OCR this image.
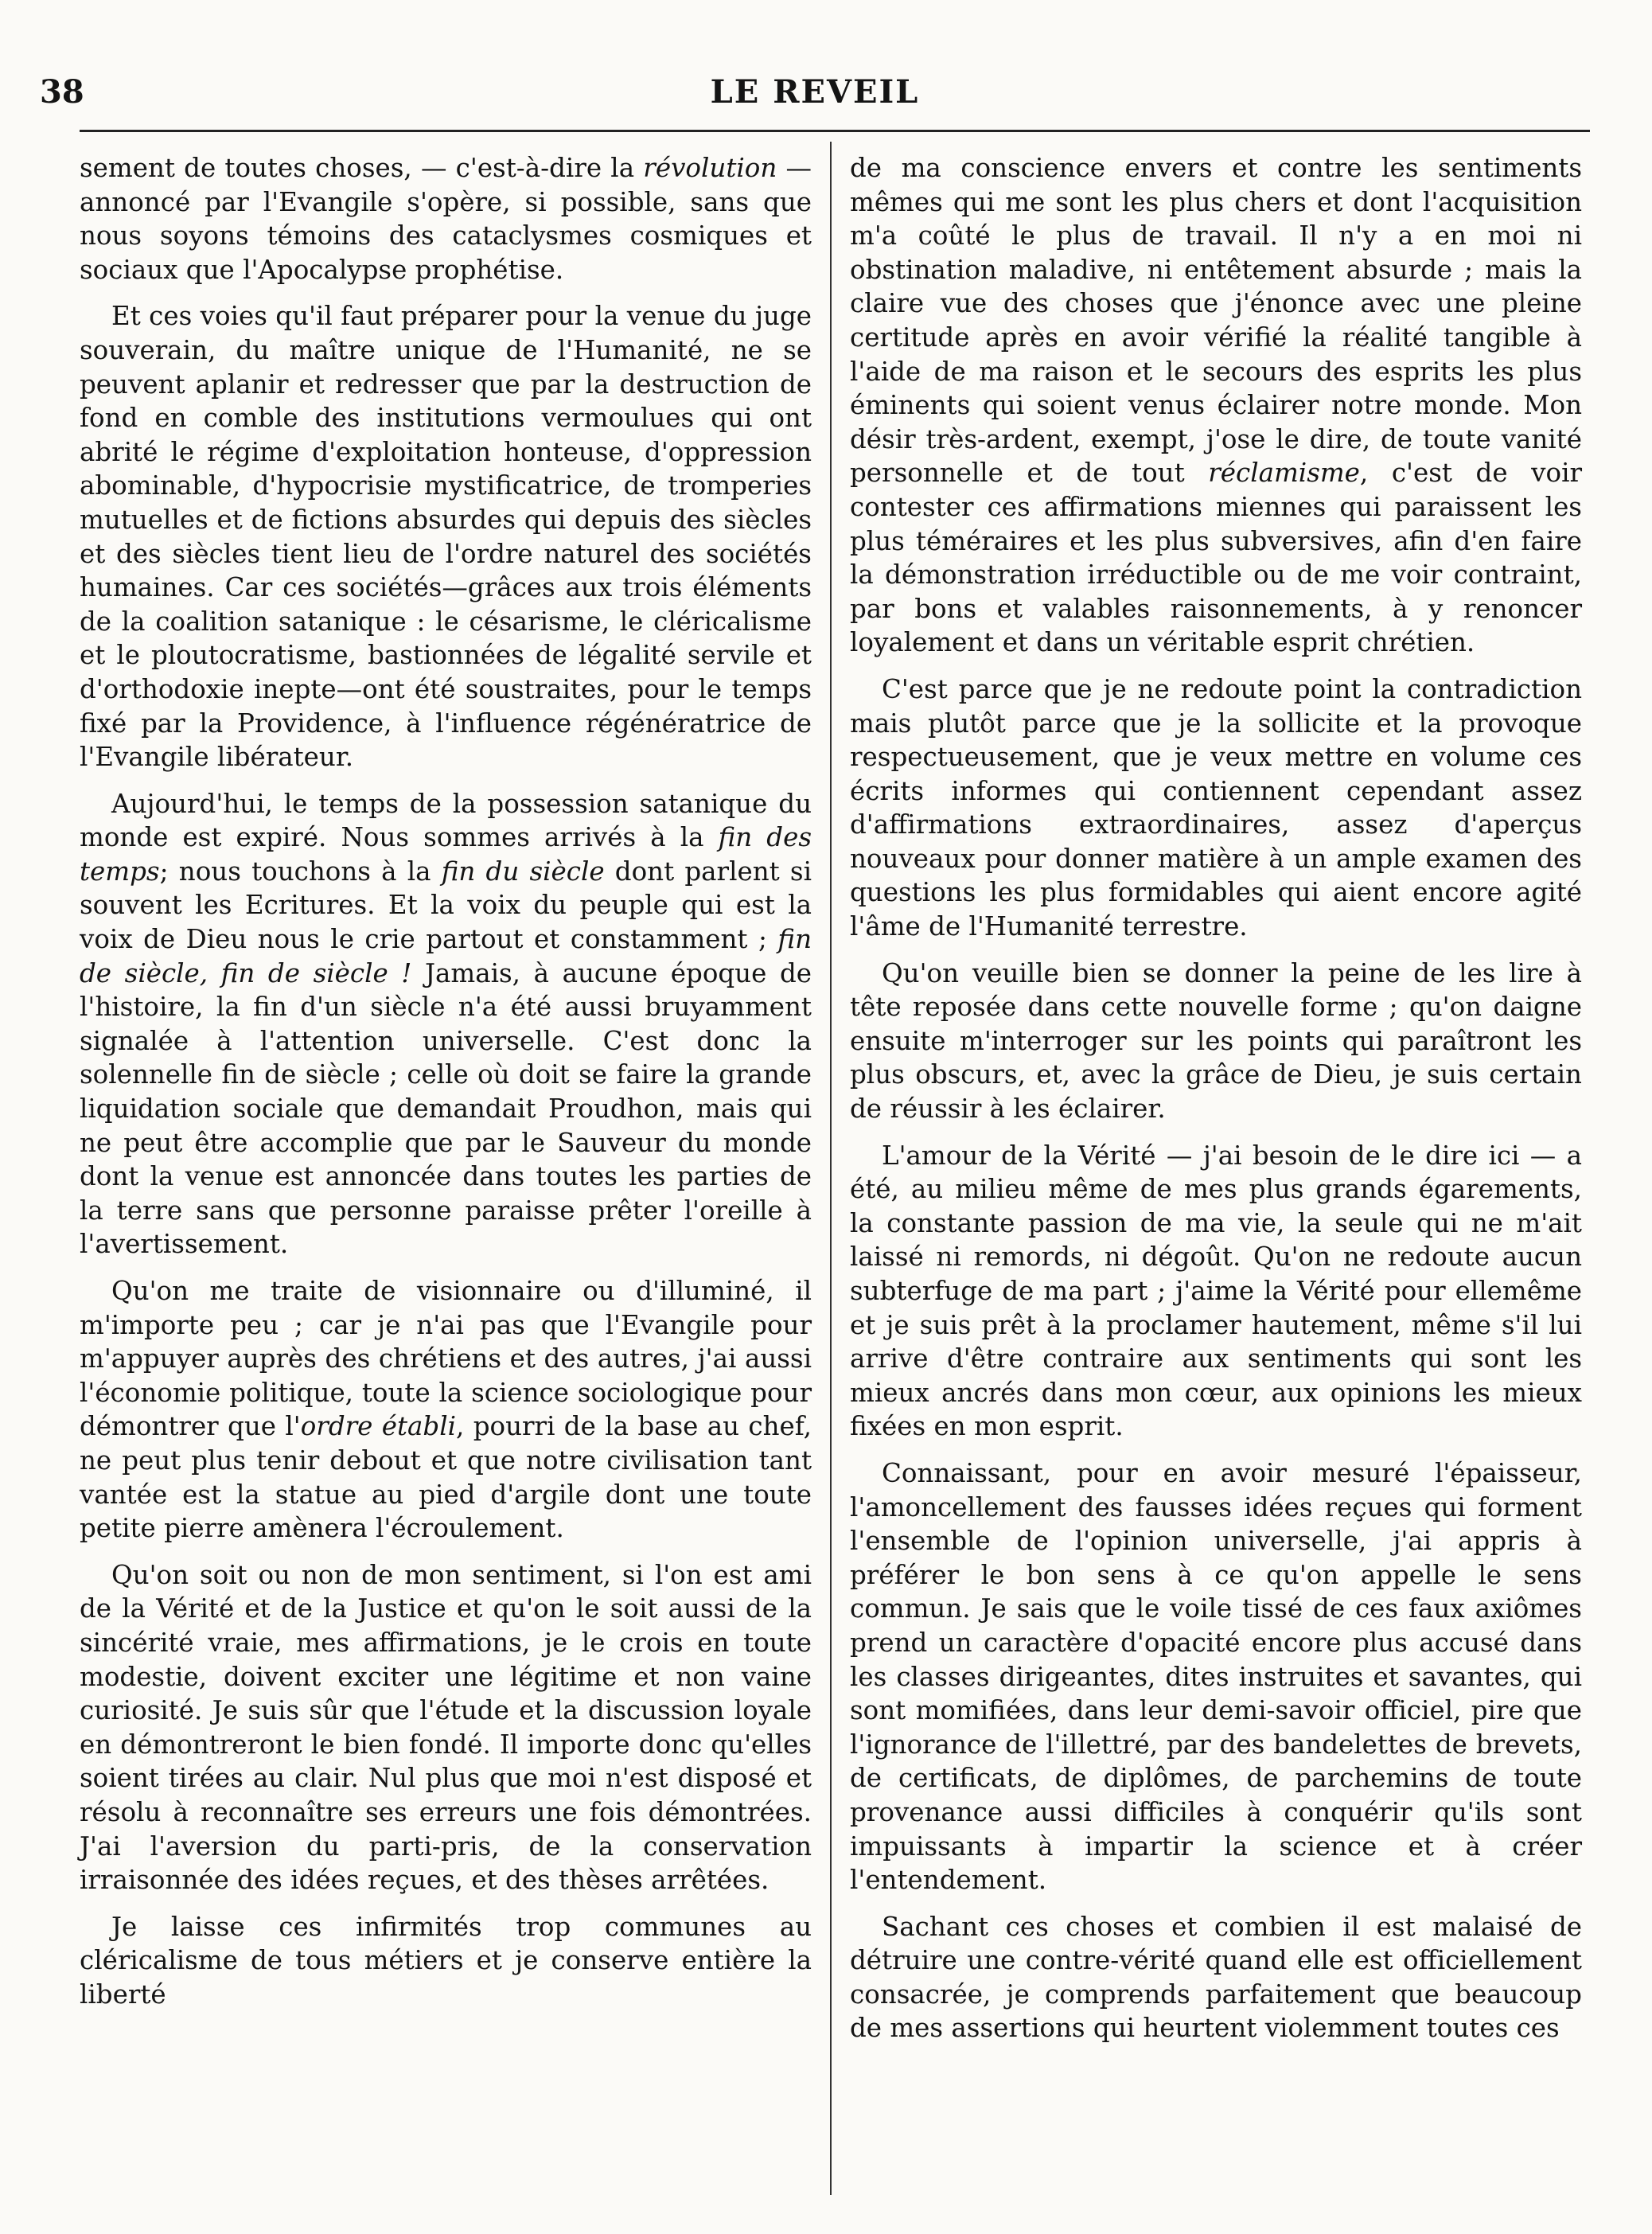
38	LE REVEIL

sement de toutes choses, — c'est-à-dire la révolution — annoncé par l'Evangile s'opère, si possible, sans que nous soyons témoins des cataclysmes cosmiques et sociaux que l'Apocalypse prophétise.

Et ces voies qu'il faut préparer pour la venue du juge souverain, du maître unique de l'Humanité, ne se peuvent aplanir et redresser que par la destruction de fond en comble des institutions vermoulues qui ont abrité le régime d'exploitation honteuse, d'oppression abominable, d'hypocrisie mystificatrice, de tromperies mutuelles et de fictions absurdes qui depuis des siècles et des siècles tient lieu de l'ordre naturel des sociétés humaines. Car ces sociétés—grâces aux trois éléments de la coalition satanique : le césarisme, le cléricalisme et le ploutocratisme, bastionnées de légalité servile et d'orthodoxie inepte—ont été soustraites, pour le temps fixé par la Providence, à l'influence régénératrice de l'Evangile libérateur.

Aujourd'hui, le temps de la possession satanique du monde est expiré. Nous sommes arrivés à la fin des temps; nous touchons à la fin du siècle dont parlent si souvent les Ecritures. Et la voix du peuple qui est la voix de Dieu nous le crie partout et constamment ; fin de siècle, fin de siècle ! Jamais, à aucune époque de l'histoire, la fin d'un siècle n'a été aussi bruyamment signalée à l'attention universelle. C'est donc la solennelle fin de siècle ; celle où doit se faire la grande liquidation sociale que demandait Proudhon, mais qui ne peut être accomplie que par le Sauveur du monde dont la venue est annoncée dans toutes les parties de la terre sans que personne paraisse prêter l'oreille à l'avertissement.

Qu'on me traite de visionnaire ou d'illuminé, il m'importe peu ; car je n'ai pas que l'Evangile pour m'appuyer auprès des chrétiens et des autres, j'ai aussi l'économie politique, toute la science sociologique pour démontrer que l'ordre établi, pourri de la base au chef, ne peut plus tenir debout et que notre civilisation tant vantée est la statue au pied d'argile dont une toute petite pierre amènera l'écroulement.

Qu'on soit ou non de mon sentiment, si l'on est ami de la Vérité et de la Justice et qu'on le soit aussi de la sincérité vraie, mes affirmations, je le crois en toute modestie, doivent exciter une légitime et non vaine curiosité. Je suis sûr que l'étude et la discussion loyale en démontreront le bien fondé. Il importe donc qu'elles soient tirées au clair. Nul plus que moi n'est disposé et résolu à reconnaître ses erreurs une fois démontrées. J'ai l'aversion du parti-pris, de la conservation irraisonnée des idées reçues, et des thèses arrêtées.

Je laisse ces infirmités trop communes au cléricalisme de tous métiers et je conserve entière la liberté

de ma conscience envers et contre les sentiments mêmes qui me sont les plus chers et dont l'acquisition m'a coûté le plus de travail. Il n'y a en moi ni obstination maladive, ni entêtement absurde ; mais la claire vue des choses que j'énonce avec une pleine certitude après en avoir vérifié la réalité tangible à l'aide de ma raison et le secours des esprits les plus éminents qui soient venus éclairer notre monde. Mon désir très-ardent, exempt, j'ose le dire, de toute vanité personnelle et de tout réclamisme, c'est de voir contester ces affirmations miennes qui paraissent les plus téméraires et les plus subversives, afin d'en faire la démonstration irréductible ou de me voir contraint, par bons et valables raisonnements, à y renoncer loyalement et dans un véritable esprit chrétien.

C'est parce que je ne redoute point la contradiction mais plutôt parce que je la sollicite et la provoque respectueusement, que je veux mettre en volume ces écrits informes qui contiennent cependant assez d'affirmations extraordinaires, assez d'aperçus nouveaux pour donner matière à un ample examen des questions les plus formidables qui aient encore agité l'âme de l'Humanité terrestre.

Qu'on veuille bien se donner la peine de les lire à tête reposée dans cette nouvelle forme ; qu'on daigne ensuite m'interroger sur les points qui paraîtront les plus obscurs, et, avec la grâce de Dieu, je suis certain de réussir à les éclairer.

L'amour de la Vérité — j'ai besoin de le dire ici — a été, au milieu même de mes plus grands égarements, la constante passion de ma vie, la seule qui ne m'ait laissé ni remords, ni dégoût. Qu'on ne redoute aucun subterfuge de ma part ; j'aime la Vérité pour ellemême et je suis prêt à la proclamer hautement, même s'il lui arrive d'être contraire aux sentiments qui sont les mieux ancrés dans mon cœur, aux opinions les mieux fixées en mon esprit.

Connaissant, pour en avoir mesuré l'épaisseur, l'amoncellement des fausses idées reçues qui forment l'ensemble de l'opinion universelle, j'ai appris à préférer le bon sens à ce qu'on appelle le sens commun. Je sais que le voile tissé de ces faux axiômes prend un caractère d'opacité encore plus accusé dans les classes dirigeantes, dites instruites et savantes, qui sont momifiées, dans leur demi-savoir officiel, pire que l'ignorance de l'illettré, par des bandelettes de brevets, de certificats, de diplômes, de parchemins de toute provenance aussi difficiles à conquérir qu'ils sont impuissants à impartir la science et à créer l'entendement.

Sachant ces choses et combien il est malaisé de détruire une contre-vérité quand elle est officiellement consacrée, je comprends parfaitement que beaucoup de mes assertions qui heurtent violemment toutes ces
